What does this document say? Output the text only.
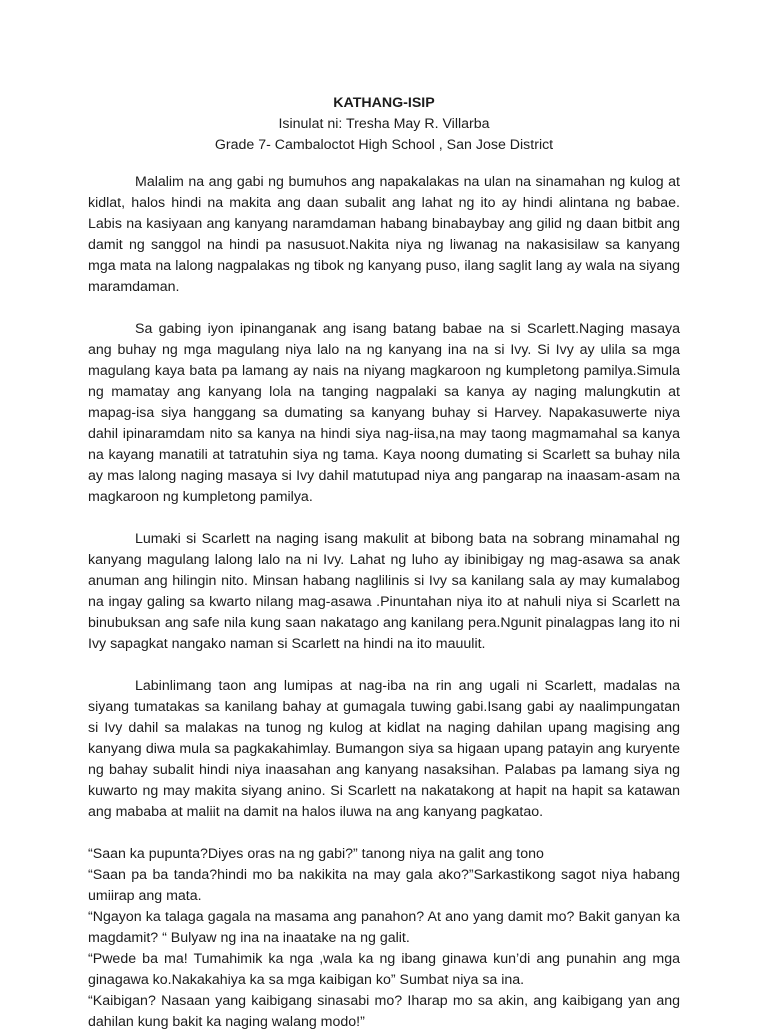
KATHANG-ISIP
Isinulat ni: Tresha May R. Villarba
Grade 7- Cambaloctot High School , San Jose District

Malalim na ang gabi ng bumuhos ang napakalakas na ulan na sinamahan ng kulog at kidlat, halos hindi na makita ang daan subalit ang lahat ng ito ay hindi alintana ng babae. Labis na kasiyaan ang kanyang naramdaman habang binabaybay ang gilid ng daan bitbit ang damit ng sanggol na hindi pa nasusuot.Nakita niya ng liwanag na nakasisilaw sa kanyang mga mata na lalong nagpalakas ng tibok ng kanyang puso, ilang saglit lang ay wala na siyang maramdaman.

Sa gabing iyon ipinanganak ang isang batang babae na si Scarlett.Naging masaya ang buhay ng mga magulang niya lalo na ng kanyang ina na si Ivy. Si Ivy ay ulila sa mga magulang kaya bata pa lamang ay nais na niyang magkaroon ng kumpletong pamilya.Simula ng mamatay ang kanyang lola na tanging nagpalaki sa kanya ay naging malungkutin at mapag-isa siya hanggang sa dumating sa kanyang buhay si Harvey. Napakasuwerte niya dahil ipinaramdam nito sa kanya na hindi siya nag-iisa,na may taong magmamahal sa kanya na kayang manatili at tatratuhin siya ng tama. Kaya noong dumating si Scarlett sa buhay nila ay mas lalong naging masaya si Ivy dahil matutupad niya ang pangarap na inaasam-asam na magkaroon ng kumpletong pamilya.

Lumaki si Scarlett na naging isang makulit at bibong bata na sobrang minamahal ng kanyang magulang lalong lalo na ni Ivy. Lahat ng luho ay ibinibigay ng mag-asawa sa anak anuman ang hilingin nito. Minsan habang naglilinis si Ivy sa kanilang sala ay may kumalabog na ingay galing sa kwarto nilang mag-asawa .Pinuntahan niya ito at nahuli niya si Scarlett na binubuksan ang safe nila kung saan nakatago ang kanilang pera.Ngunit pinalagpas lang ito ni Ivy sapagkat nangako naman si Scarlett na hindi na ito mauulit.

Labinlimang taon ang lumipas at nag-iba na rin ang ugali ni Scarlett, madalas na siyang tumatakas sa kanilang bahay at gumagala tuwing gabi.Isang gabi ay naalimpungatan si Ivy dahil sa malakas na tunog ng kulog at kidlat na naging dahilan upang magising ang kanyang diwa mula sa pagkakahimlay. Bumangon siya sa higaan upang patayin ang kuryente ng bahay subalit hindi niya inaasahan ang kanyang nasaksihan. Palabas pa lamang siya ng kuwarto ng may makita siyang anino. Si Scarlett na nakatakong at hapit na hapit sa katawan ang mababa at maliit na damit na halos iluwa na ang kanyang pagkatao.

“Saan ka pupunta?Diyes oras na ng gabi?” tanong niya na galit ang tono

“Saan pa ba tanda?hindi mo ba nakikita na may gala ako?”Sarkastikong sagot niya habang umiirap ang mata.

“Ngayon ka talaga gagala na masama ang panahon? At ano yang damit mo? Bakit ganyan ka magdamit? “ Bulyaw ng ina na inaatake na ng galit.

“Pwede ba ma! Tumahimik ka nga ,wala ka ng ibang ginawa kun’di ang punahin ang mga ginagawa ko.Nakakahiya ka sa mga kaibigan ko” Sumbat niya sa ina.

“Kaibigan? Nasaan yang kaibigang sinasabi mo? Iharap mo sa akin, ang kaibigang yan ang dahilan kung bakit ka naging walang modo!”
